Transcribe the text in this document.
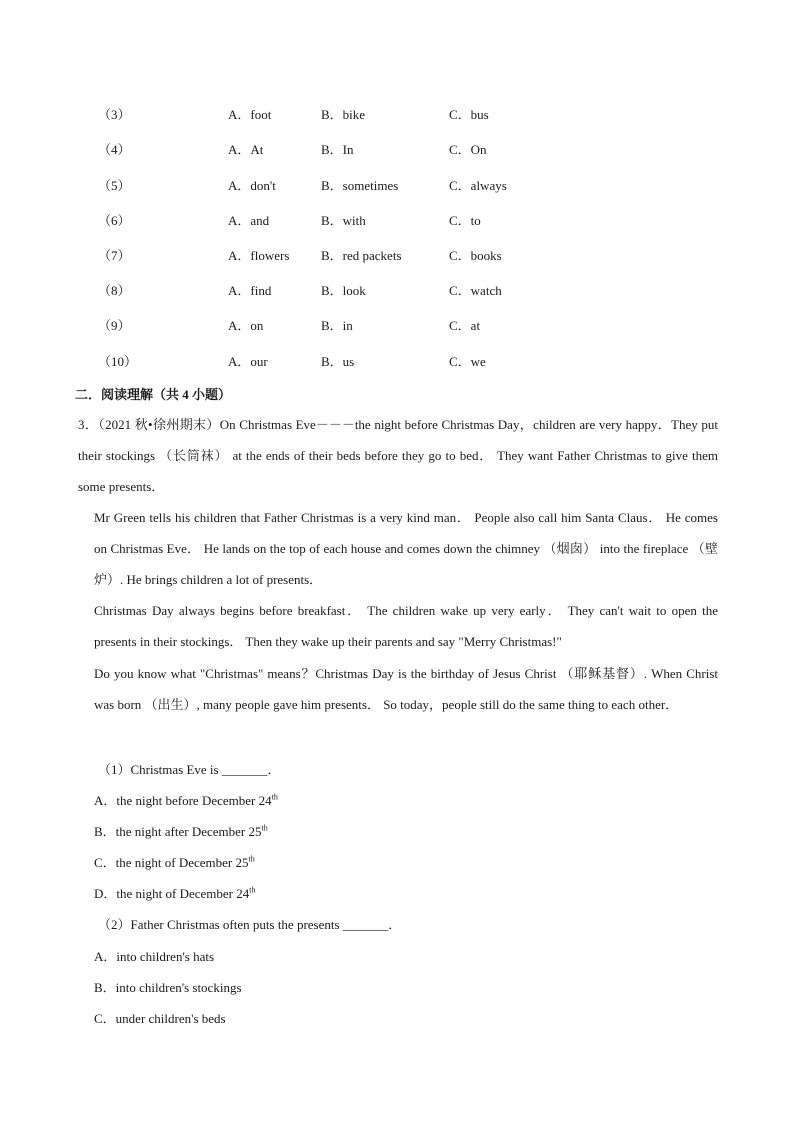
（3）	A．foot	B．bike	C．bus
（4）	A．At	B．In	C．On
（5）	A．don't	B．sometimes	C．always
（6）	A．and	B．with	C．to
（7）	A．flowers B．red packets	C．books
（8）	A．find	B．look	C．watch
（9）	A．on	B．in	C．at
（10）	A．our	B．us	C．we
二．阅读理解（共 4 小题）
3．（2021 秋•徐州期末）On Christmas Eve－－－the night before Christmas Day，children are very happy．They put their stockings （长筒袜） at the ends of their beds before they go to bed． They want Father Christmas to give them some presents．
Mr Green tells his children that Father Christmas is a very kind man． People also call him Santa Claus． He comes on Christmas Eve． He lands on the top of each house and comes down the chimney （烟囱） into the fireplace （壁炉）. He brings children a lot of presents．
Christmas Day always begins before breakfast． The children wake up very early． They can't wait to open the presents in their stockings． Then they wake up their parents and say "Merry Christmas!"
Do you know what "Christmas" means？Christmas Day is the birthday of Jesus Christ （耶稣基督）. When Christ was born （出生）, many people gave him presents． So today，people still do the same thing to each other．
（1）Christmas Eve is _______．
A．the night before December 24th
B．the night after December 25th
C．the night of December 25th
D．the night of December 24th
（2）Father Christmas often puts the presents _______．
A．into children's hats
B．into children's stockings
C．under children's beds
